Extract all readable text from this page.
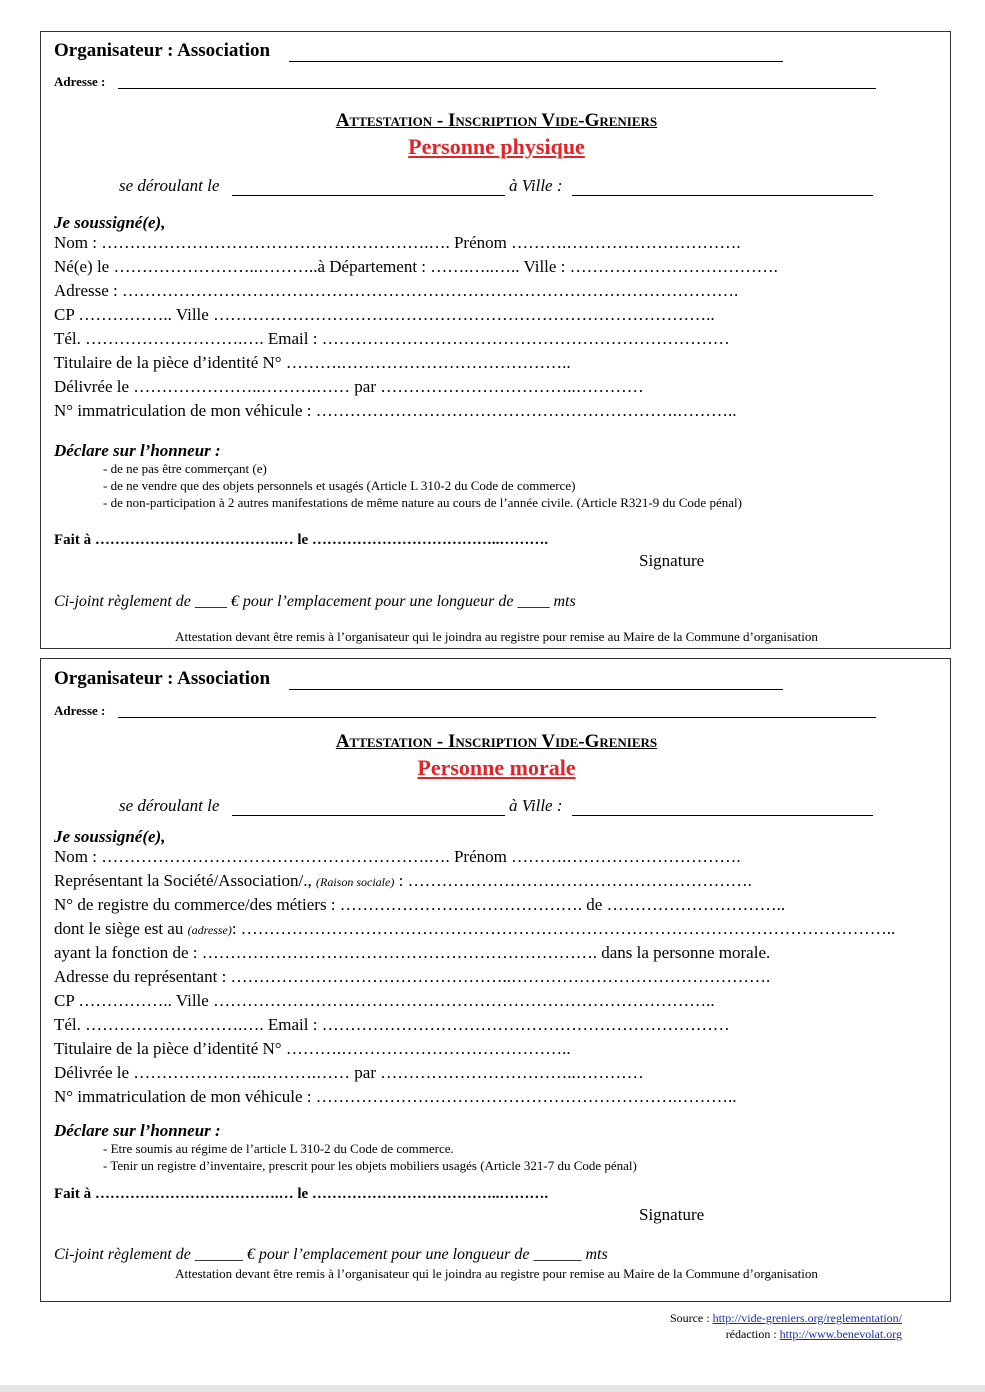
Organisateur : Association
Adresse :
Attestation - Inscription Vide-Greniers
Personne physique
se déroulant le	à Ville :
Je soussigné(e),
Nom : ………………………………………………….…. Prénom ……….………………………….
Né(e) le ……………………..………..à Département : …….…..….. Ville : ……………………………….
Adresse : ……………………………………………………………………………………………….
CP …………….. Ville ……………………………………………………………………………..
Tél. ……………………….…. Email : ………………………………………………………………
Titulaire de la pièce d’identité N° ……….…………………………………..
Délivrée le …………………..……….…… par ……………………………..…………
N° immatriculation de mon véhicule : ……………………………………………………….………..
Déclare sur l’honneur :
- de ne pas être commerçant (e)
- de ne vendre que des objets personnels et usagés (Article L 310-2 du Code de commerce)
- de non-participation à 2 autres manifestations de même nature au cours de l’année civile. (Article R321-9 du Code pénal)
Fait à ……………………………….… le ………………………………..……….
Signature
Ci-joint règlement de ____ € pour l’emplacement pour une longueur de ____ mts
Attestation devant être remis à l’organisateur qui le joindra au registre pour remise au Maire de la Commune d’organisation
Organisateur : Association
Adresse :
Attestation - Inscription Vide-Greniers
Personne morale
se déroulant le	à Ville :
Je soussigné(e),
Nom : ………………………………………………….…. Prénom ……….………………………….
Représentant la Société/Association/., (Raison sociale) : …………………………………………………….
N° de registre du commerce/des métiers : ……………………………………. de …………………………..
dont le siège est au (adresse): ……………………………………………………………………………………………………..
ayant la fonction de : ……………………………………………………………. dans la personne morale.
Adresse du représentant : …………………………………………..……………………………………….
CP …………….. Ville ……………………………………………………………………………..
Tél. ……………………….…. Email : ………………………………………………………………
Titulaire de la pièce d’identité N° ……….…………………………………..
Délivrée le …………………..……….…… par ……………………………..…………
N° immatriculation de mon véhicule : ……………………………………………………….………..
Déclare sur l’honneur :
- Etre soumis au régime de l’article L 310-2 du Code de commerce.
- Tenir un registre d’inventaire, prescrit pour les objets mobiliers usagés (Article 321-7 du Code pénal)
Fait à ……………………………….… le ………………………………..……….
Signature
Ci-joint règlement de ______ € pour l’emplacement pour une longueur de ______ mts
Attestation devant être remis à l’organisateur qui le joindra au registre pour remise au Maire de la Commune d’organisation
Source : http://vide-greniers.org/reglementation/
rédaction : http://www.benevolat.org
